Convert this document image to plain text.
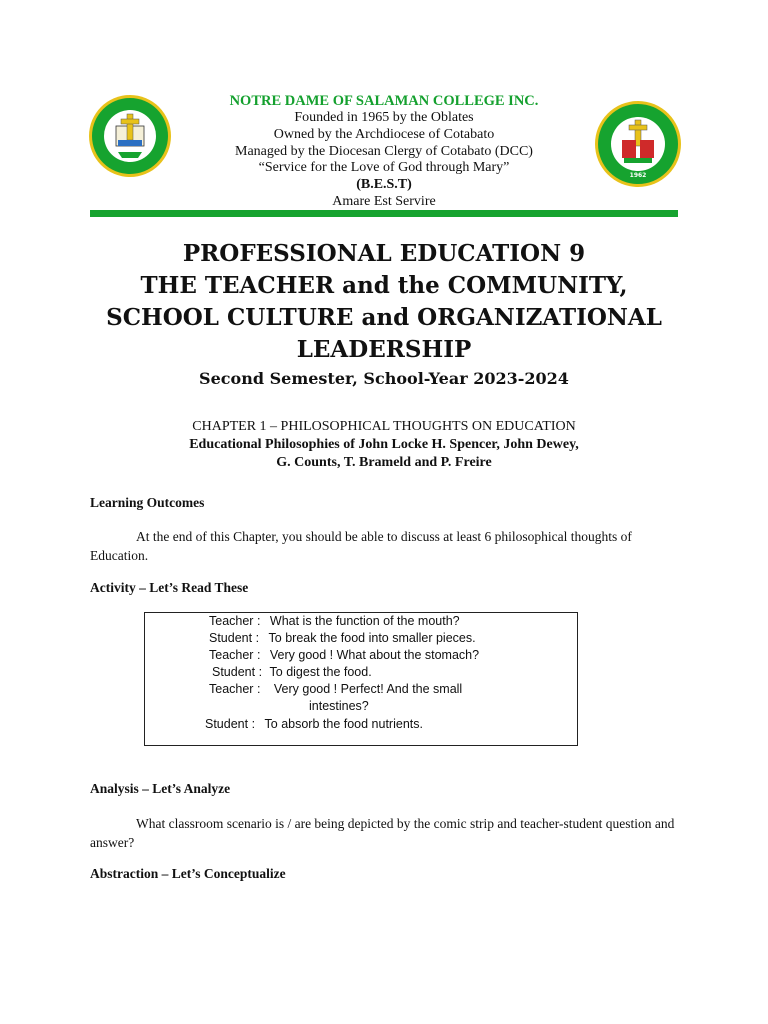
1962
NOTRE DAME OF SALAMAN COLLEGE INC.
Founded in 1965 by the Oblates
Owned by the Archdiocese of Cotabato
Managed by the Diocesan Clergy of Cotabato (DCC)
“Service for the Love of God through Mary”
(B.E.S.T)
Amare Est Servire
PROFESSIONAL EDUCATION 9
THE TEACHER and the COMMUNITY,
SCHOOL CULTURE and ORGANIZATIONAL
LEADERSHIP
Second Semester, School-Year 2023-2024
CHAPTER 1 – PHILOSOPHICAL THOUGHTS ON EDUCATION
Educational Philosophies of John Locke H. Spencer, John Dewey,
G. Counts, T. Brameld and P. Freire
Learning Outcomes
At the end of this Chapter, you should be able to discuss at least 6 philosophical thoughts of Education.
Activity – Let’s Read These
Teacher : What is the function of the mouth?
Student : To break the food into smaller pieces.
Teacher : Very good ! What about the stomach?
Student : To digest the food.
Teacher : Very good ! Perfect! And the small
intestines?
Student : To absorb the food nutrients.
Analysis – Let’s Analyze
What classroom scenario is / are being depicted by the comic strip and teacher-student question and answer?
Abstraction – Let’s Conceptualize
